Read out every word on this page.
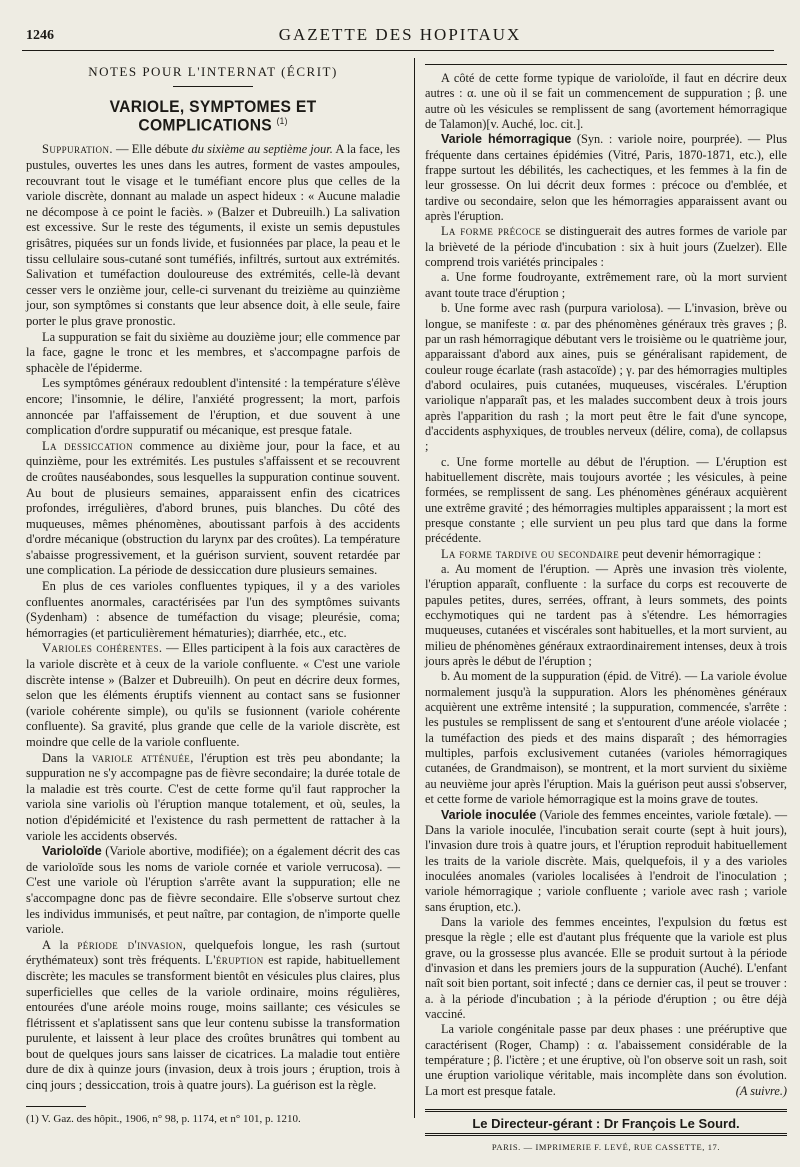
1246	GAZETTE DES HOPITAUX
NOTES POUR L'INTERNAT (ÉCRIT)
VARIOLE, SYMPTOMES ET COMPLICATIONS $^{(1)}$

Suppuration. — Elle débute du sixième au septième jour. A la face, les pustules, ouvertes les unes dans les autres, forment de vastes ampoules, recouvrant tout le visage et le tuméfiant encore plus que celles de la variole discrète, donnant au malade un aspect hideux : « Aucune maladie ne décompose à ce point le faciès. » (Balzer et Dubreuilh.) La salivation est excessive. Sur le reste des téguments, il existe un semis depustules grisâtres, piquées sur un fonds livide, et fusionnées par place, la peau et le tissu cellulaire sous-cutané sont tuméfiés, infiltrés, surtout aux extrémités. Salivation et tuméfaction douloureuse des extrémités, celle-là devant cesser vers le onzième jour, celle-ci survenant du treizième au quinzième jour, son symptômes si constants que leur absence doit, à elle seule, faire porter le plus grave pronostic.

La suppuration se fait du sixième au douzième jour; elle commence par la face, gagne le tronc et les membres, et s'accompagne parfois de sphacèle de l'épiderme.

Les symptômes généraux redoublent d'intensité : la température s'élève encore; l'insomnie, le délire, l'anxiété progressent; la mort, parfois annoncée par l'affaissement de l'éruption, et due souvent à une complication d'ordre suppuratif ou mécanique, est presque fatale.

La dessiccation commence au dixième jour, pour la face, et au quinzième, pour les extrémités. Les pustules s'affaissent et se recouvrent de croûtes nauséabondes, sous lesquelles la suppuration continue souvent. Au bout de plusieurs semaines, apparaissent enfin des cicatrices profondes, irrégulières, d'abord brunes, puis blanches. Du côté des muqueuses, mêmes phénomènes, aboutissant parfois à des accidents d'ordre mécanique (obstruction du larynx par des croûtes). La température s'abaisse progressivement, et la guérison survient, souvent retardée par une complication. La période de dessiccation dure plusieurs semaines.

En plus de ces varioles confluentes typiques, il y a des varioles confluentes anormales, caractérisées par l'un des symptômes suivants (Sydenham) : absence de tuméfaction du visage; pleurésie, coma; hémorragies (et particulièrement hématuries); diarrhée, etc., etc.

Varioles cohérentes. — Elles participent à la fois aux caractères de la variole discrète et à ceux de la variole confluente. « C'est une variole discrète intense » (Balzer et Dubreuilh). On peut en décrire deux formes, selon que les éléments éruptifs viennent au contact sans se fusionner (variole cohérente simple), ou qu'ils se fusionnent (variole cohérente confluente). Sa gravité, plus grande que celle de la variole discrète, est moindre que celle de la variole confluente.

Dans la variole atténuée, l'éruption est très peu abondante; la suppuration ne s'y accompagne pas de fièvre secondaire; la durée totale de la maladie est très courte. C'est de cette forme qu'il faut rapprocher la variola sine variolis où l'éruption manque totalement, et où, seules, la notion d'épidémicité et l'existence du rash permettent de rattacher à la variole les accidents observés.

Varioloïde (Variole abortive, modifiée); on a également décrit des cas de varioloïde sous les noms de variole cornée et variole verrucosa). — C'est une variole où l'éruption s'arrête avant la suppuration; elle ne s'accompagne donc pas de fièvre secondaire. Elle s'observe surtout chez les individus immunisés, et peut naître, par contagion, de n'importe quelle variole.

A la période d'invasion, quelquefois longue, les rash (surtout érythémateux) sont très fréquents. L'éruption est rapide, habituellement discrète; les macules se transforment bientôt en vésicules plus claires, plus superficielles que celles de la variole ordinaire, moins régulières, entourées d'une aréole moins rouge, moins saillante; ces vésicules se flétrissent et s'aplatissent sans que leur contenu subisse la transformation purulente, et laissent à leur place des croûtes brunâtres qui tombent au bout de quelques jours sans laisser de cicatrices. La maladie tout entière dure de dix à quinze jours (invasion, deux à trois jours ; éruption, trois à cinq jours ; dessiccation, trois à quatre jours). La guérison est la règle.

(1) V. Gaz. des hôpit., 1906, n° 98, p. 1174, et n° 101, p. 1210.

A côté de cette forme typique de varioloïde, il faut en décrire deux autres : α. une où il se fait un commencement de suppuration ; β. une autre où les vésicules se remplissent de sang (avortement hémorragique de Talamon)[v. Auché, loc. cit.].

Variole hémorragique (Syn. : variole noire, pourprée). — Plus fréquente dans certaines épidémies (Vitré, Paris, 1870-1871, etc.), elle frappe surtout les débilités, les cachectiques, et les femmes à la fin de leur grossesse. On lui décrit deux formes : précoce ou d'emblée, et tardive ou secondaire, selon que les hémorragies apparaissent avant ou après l'éruption.

La forme précoce se distinguerait des autres formes de variole par la brièveté de la période d'incubation : six à huit jours (Zuelzer). Elle comprend trois variétés principales :

a. Une forme foudroyante, extrêmement rare, où la mort survient avant toute trace d'éruption ;

b. Une forme avec rash (purpura variolosa). — L'invasion, brève ou longue, se manifeste : α. par des phénomènes généraux très graves ; β. par un rash hémorragique débutant vers le troisième ou le quatrième jour, apparaissant d'abord aux aines, puis se généralisant rapidement, de couleur rouge écarlate (rash astacoïde) ; γ. par des hémorragies multiples d'abord oculaires, puis cutanées, muqueuses, viscérales. L'éruption variolique n'apparaît pas, et les malades succombent deux à trois jours après l'apparition du rash ; la mort peut être le fait d'une syncope, d'accidents asphyxiques, de troubles nerveux (délire, coma), de collapsus ;

c. Une forme mortelle au début de l'éruption. — L'éruption est habituellement discrète, mais toujours avortée ; les vésicules, à peine formées, se remplissent de sang. Les phénomènes généraux acquièrent une extrême gravité ; des hémorragies multiples apparaissent ; la mort est presque constante ; elle survient un peu plus tard que dans la forme précédente.

La forme tardive ou secondaire peut devenir hémorragique :

a. Au moment de l'éruption. — Après une invasion très violente, l'éruption apparaît, confluente : la surface du corps est recouverte de papules petites, dures, serrées, offrant, à leurs sommets, des points ecchymotiques qui ne tardent pas à s'étendre. Les hémorragies muqueuses, cutanées et viscérales sont habituelles, et la mort survient, au milieu de phénomènes généraux extraordinairement intenses, deux à trois jours après le début de l'éruption ;

b. Au moment de la suppuration (épid. de Vitré). — La variole évolue normalement jusqu'à la suppuration. Alors les phénomènes généraux acquièrent une extrême intensité ; la suppuration, commencée, s'arrête : les pustules se remplissent de sang et s'entourent d'une aréole violacée ; la tuméfaction des pieds et des mains disparaît ; des hémorragies multiples, parfois exclusivement cutanées (varioles hémorragiques cutanées, de Grandmaison), se montrent, et la mort survient du sixième au neuvième jour après l'éruption. Mais la guérison peut aussi s'observer, et cette forme de variole hémorragique est la moins grave de toutes.

Variole inoculée (Variole des femmes enceintes, variole fœtale). — Dans la variole inoculée, l'incubation serait courte (sept à huit jours), l'invasion dure trois à quatre jours, et l'éruption reproduit habituellement les traits de la variole discrète. Mais, quelquefois, il y a des varioles inoculées anomales (varioles localisées à l'endroit de l'inoculation ; variole hémorragique ; variole confluente ; variole avec rash ; variole sans éruption, etc.).

Dans la variole des femmes enceintes, l'expulsion du fœtus est presque la règle ; elle est d'autant plus fréquente que la variole est plus grave, ou la grossesse plus avancée. Elle se produit surtout à la période d'invasion et dans les premiers jours de la suppuration (Auché). L'enfant naît soit bien portant, soit infecté ; dans ce dernier cas, il peut se trouver : a. à la période d'incubation ; à la période d'éruption ; ou être déjà vacciné.

La variole congénitale passe par deux phases : une prééruptive que caractérisent (Roger, Champ) : α. l'abaissement considérable de la température ; β. l'ictère ; et une éruptive, où l'on observe soit un rash, soit une éruption variolique véritable, mais incomplète dans son évolution. La mort est presque fatale.	(A suivre.)

Le Directeur-gérant : Dr François Le Sourd.
PARIS. — IMPRIMERIE F. LEVÉ, RUE CASSETTE, 17.
